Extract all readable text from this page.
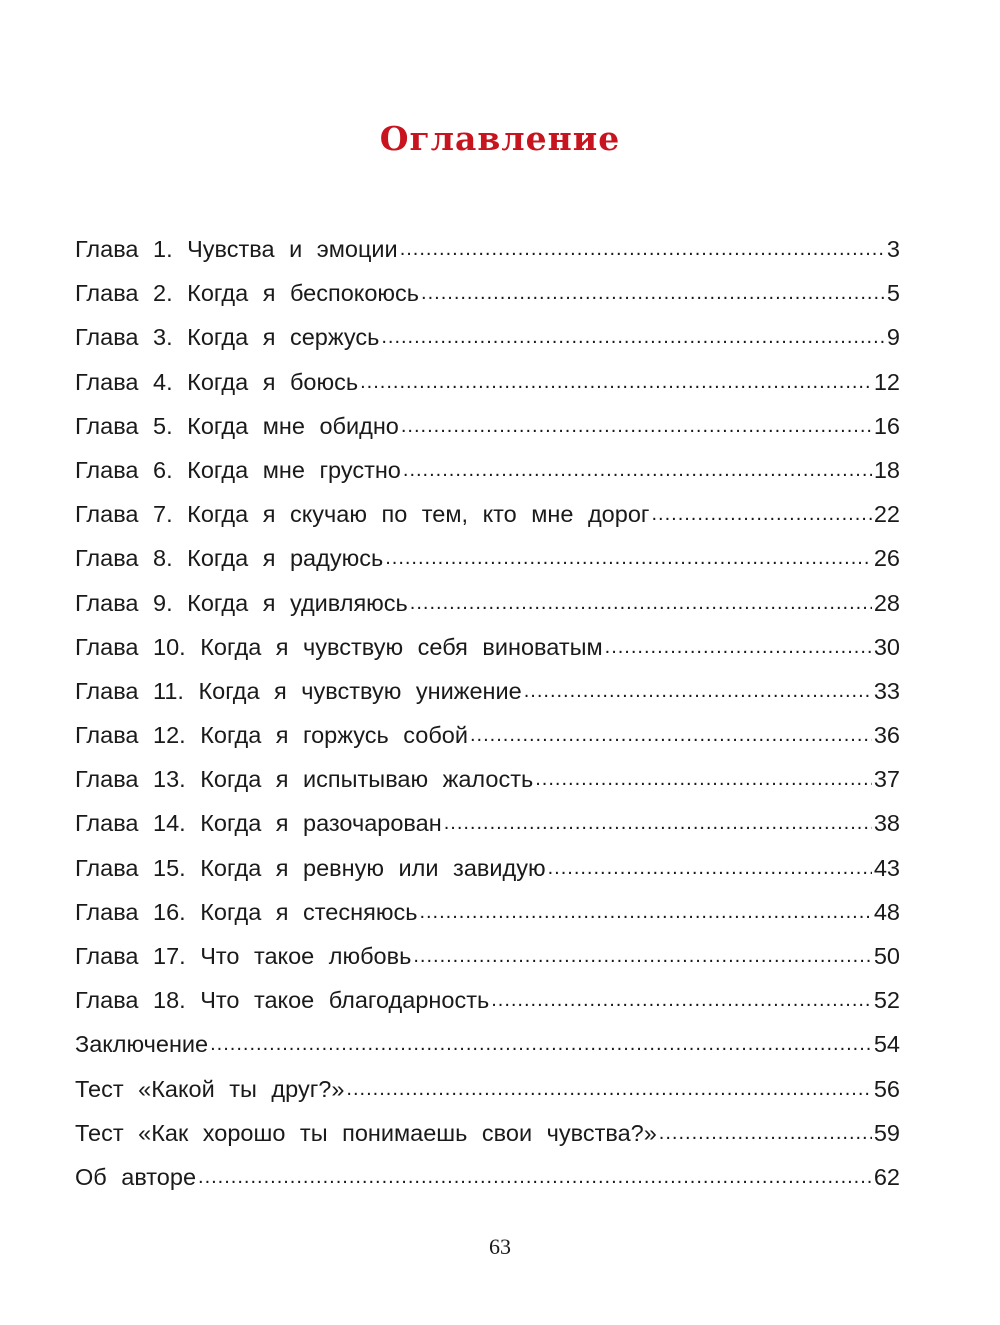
Оглавление
Глава 1. Чувства и эмоции .....	3
Глава 2. Когда я беспокоюсь .....	5
Глава 3. Когда я сержусь .....	9
Глава 4. Когда я боюсь .....	12
Глава 5. Когда мне обидно .....	16
Глава 6. Когда мне грустно .....	18
Глава 7. Когда я скучаю по тем, кто мне дорог .....	22
Глава 8. Когда я радуюсь .....	26
Глава 9. Когда я удивляюсь .....	28
Глава 10. Когда я чувствую себя виноватым .....	30
Глава 11. Когда я чувствую унижение .....	33
Глава 12. Когда я горжусь собой .....	36
Глава 13. Когда я испытываю жалость .....	37
Глава 14. Когда я разочарован .....	38
Глава 15. Когда я ревную или завидую .....	43
Глава 16. Когда я стесняюсь .....	48
Глава 17. Что такое любовь .....	50
Глава 18. Что такое благодарность .....	52
Заключение .....	54
Тест «Какой ты друг?» .....	56
Тест «Как хорошо ты понимаешь свои чувства?» .....	59
Об авторе .....	62
63
